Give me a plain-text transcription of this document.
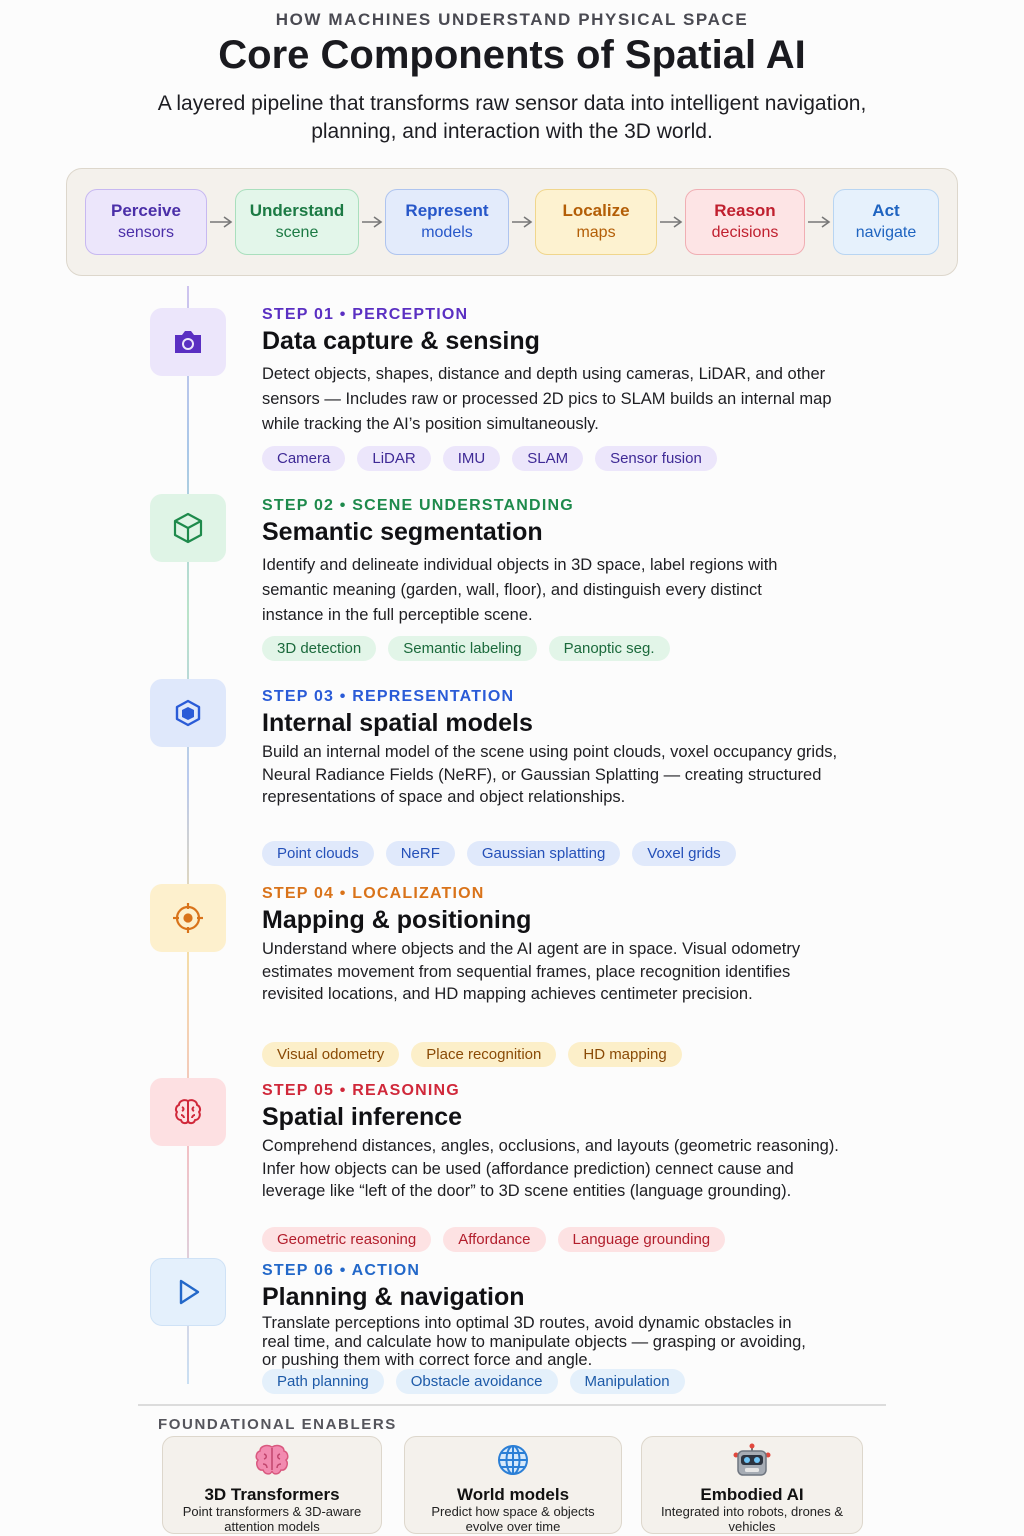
HOW MACHINES UNDERSTAND PHYSICAL SPACE
Core Components of Spatial AI
A layered pipeline that transforms raw sensor data into intelligent navigation, planning, and interaction with the 3D world.
Perceive
sensors
Understand
scene
Represent
models
Localize
maps
Reason
decisions
Act
navigate
STEP 01 • PERCEPTION
Data capture & sensing
Detect objects, shapes, distance and depth using cameras, LiDAR, and other sensors — Includes raw or processed 2D pics to SLAM builds an internal map while tracking the AI’s position simultaneously.
Camera	LiDAR	IMU	SLAM	Sensor fusion
STEP 02 • SCENE UNDERSTANDING
Semantic segmentation
Identify and delineate individual objects in 3D space, label regions with semantic meaning (garden, wall, floor), and distinguish every distinct instance in the full perceptible scene.
3D detection	Semantic labeling	Panoptic seg.
STEP 03 • REPRESENTATION
Internal spatial models
Build an internal model of the scene using point clouds, voxel occupancy grids, Neural Radiance Fields (NeRF), or Gaussian Splatting — creating structured representations of space and object relationships.
Point clouds	NeRF	Gaussian splatting	Voxel grids
STEP 04 • LOCALIZATION
Mapping & positioning
Understand where objects and the AI agent are in space. Visual odometry estimates movement from sequential frames, place recognition identifies revisited locations, and HD mapping achieves centimeter precision.
Visual odometry	Place recognition	HD mapping
STEP 05 • REASONING
Spatial inference
Comprehend distances, angles, occlusions, and layouts (geometric reasoning). Infer how objects can be used (affordance prediction) cennect cause and leverage like “left of the door” to 3D scene entities (language grounding).
Geometric reasoning	Affordance	Language grounding
STEP 06 • ACTION
Planning & navigation
Translate perceptions into optimal 3D routes, avoid dynamic obstacles in real time, and calculate how to manipulate objects — grasping or avoiding, or pushing them with correct force and angle.
Path planning	Obstacle avoidance	Manipulation
FOUNDATIONAL ENABLERS
3D Transformers
Point transformers & 3D-aware attention models
World models
Predict how space & objects evolve over time
Embodied AI
Integrated into robots, drones & vehicles
